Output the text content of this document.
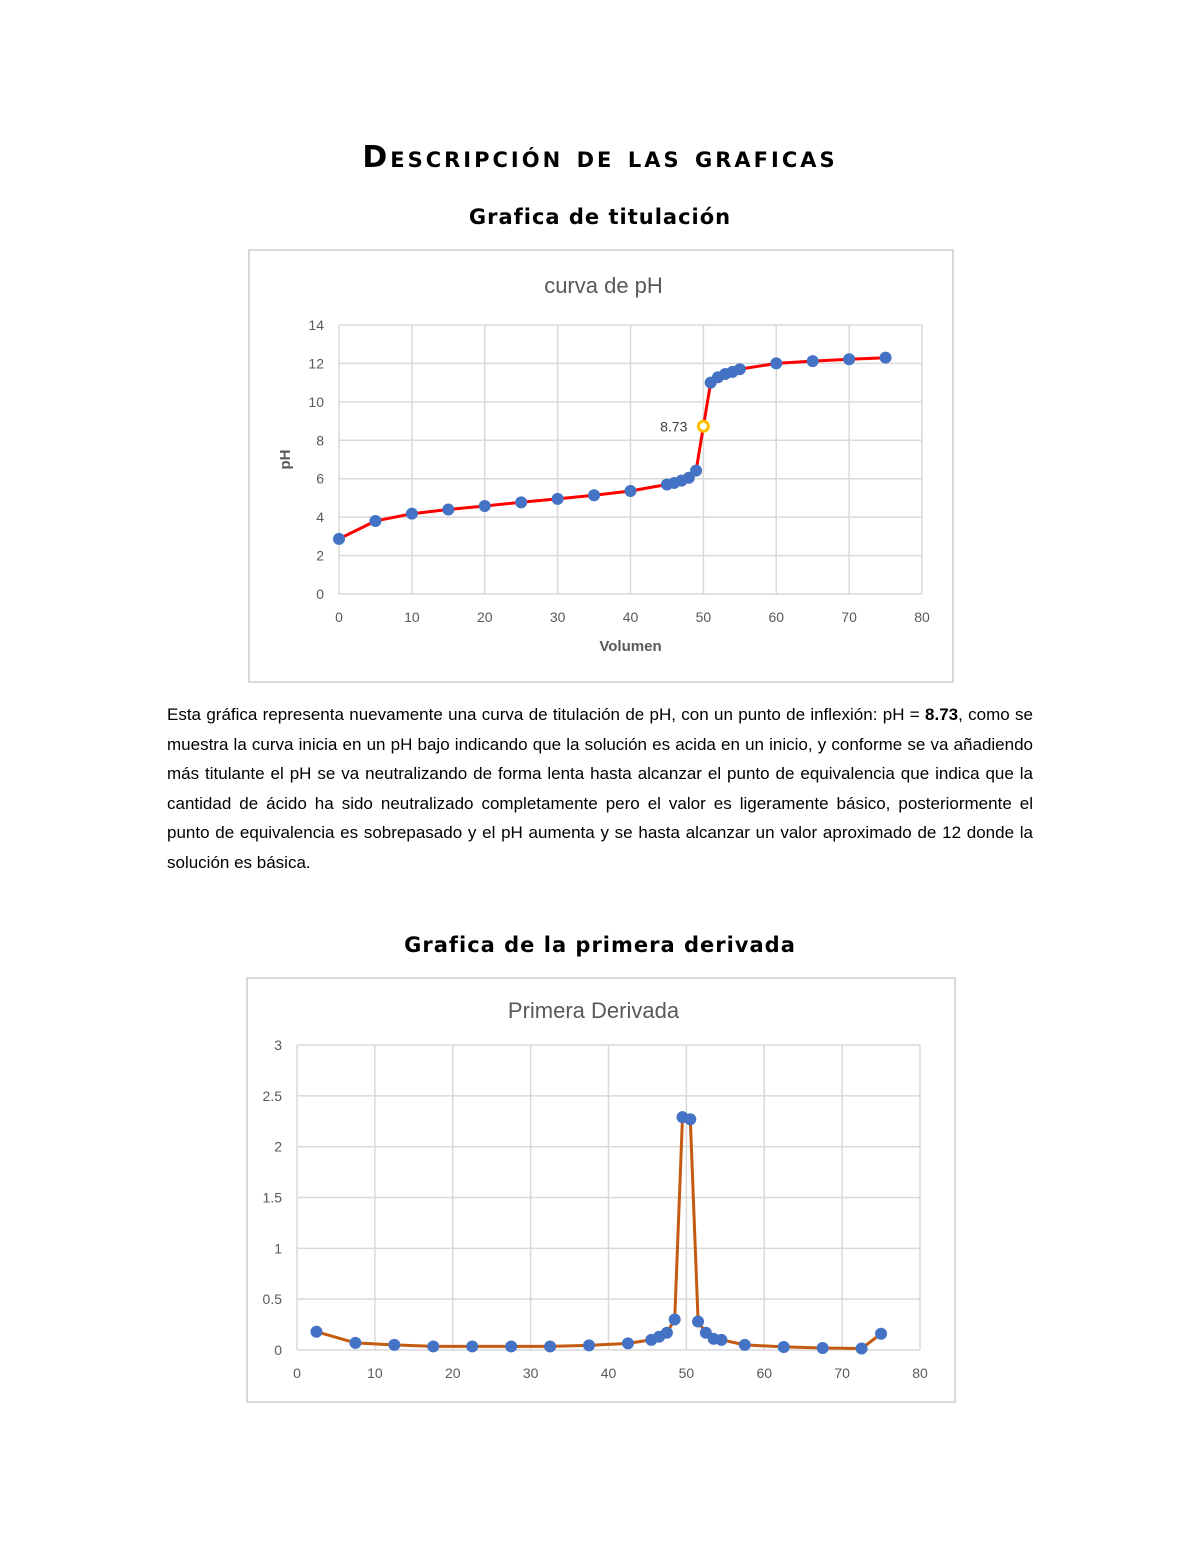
Descripción de las graficas
Grafica de titulación
curva de pH
0	10	20	30	40	50	60	70	80
0
2
4
6
8
10
12
14
Volumen
pH
8.73

Esta gráfica representa nuevamente una curva de titulación de pH, con un punto de inflexión: pH = 8.73, como se muestra la curva inicia en un pH bajo indicando que la solución es acida en un inicio, y conforme se va añadiendo más titulante el pH se va neutralizando de forma lenta hasta alcanzar el punto de equivalencia que indica que la cantidad de ácido ha sido neutralizado completamente pero el valor es ligeramente básico, posteriormente el punto de equivalencia es sobrepasado y el pH aumenta y se hasta alcanzar un valor aproximado de 12 donde la solución es básica.

Grafica de la primera derivada
Primera Derivada
0	10	20	30	40	50	60	70	80
0
0.5
1
1.5
2
2.5
3
